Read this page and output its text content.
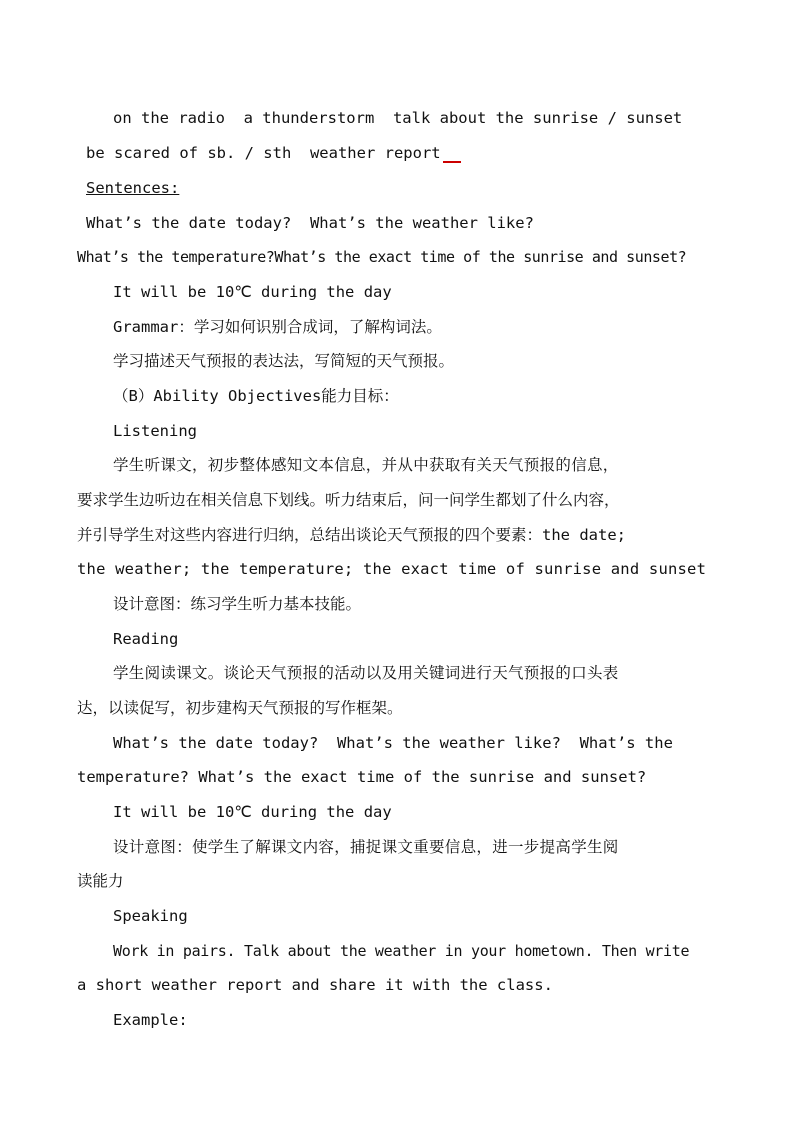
on the radio  a thunderstorm  talk about the sunrise / sunset
be scared of sb. / sth  weather report
Sentences:
What’s the date today?  What’s the weather like?
What’s the temperature?What’s the exact time of the sunrise and sunset?
It will be 10℃ during the day
Grammar：学习如何识别合成词，了解构词法。
学习描述天气预报的表达法，写简短的天气预报。
（B）Ability Objectives能力目标：
Listening
学生听课文，初步整体感知文本信息，并从中获取有关天气预报的信息，
要求学生边听边在相关信息下划线。听力结束后，问一问学生都划了什么内容，
并引导学生对这些内容进行归纳，总结出谈论天气预报的四个要素：the date;
the weather; the temperature; the exact time of sunrise and sunset
设计意图：练习学生听力基本技能。
Reading
学生阅读课文。谈论天气预报的活动以及用关键词进行天气预报的口头表
达，以读促写，初步建构天气预报的写作框架。
What’s the date today?  What’s the weather like?  What’s the
temperature? What’s the exact time of the sunrise and sunset?
It will be 10℃ during the day
设计意图：使学生了解课文内容，捕捉课文重要信息，进一步提高学生阅
读能力
Speaking
Work in pairs. Talk about the weather in your hometown. Then write
a short weather report and share it with the class.
Example:
